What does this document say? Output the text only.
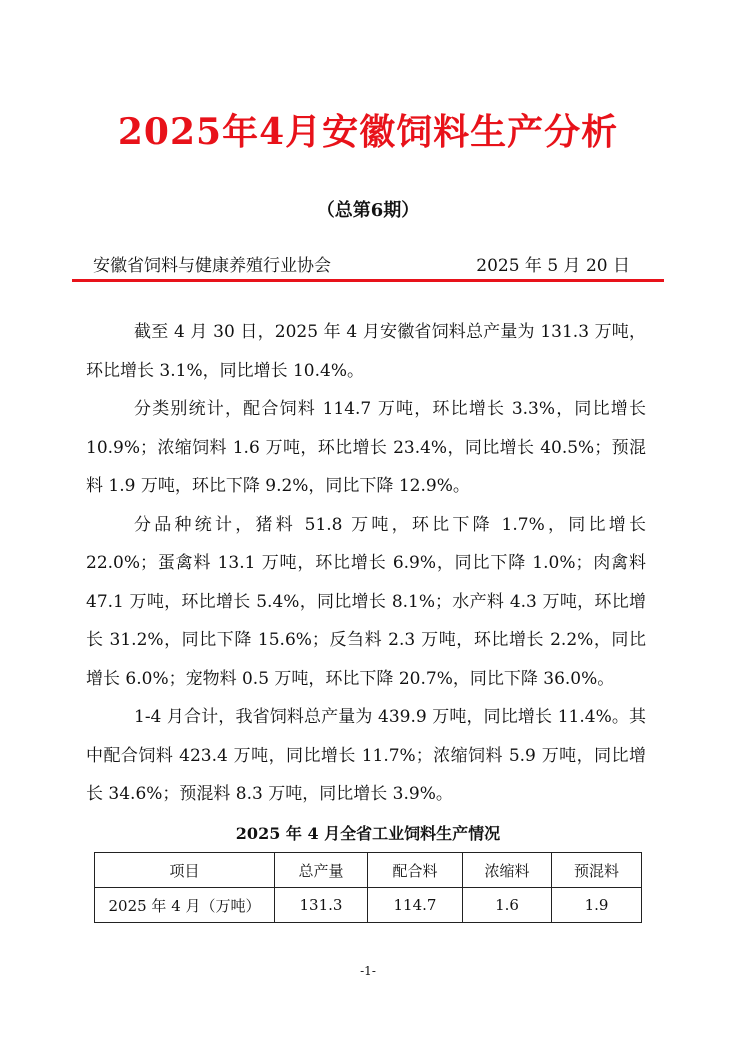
2025年4月安徽饲料生产分析
（总第6期）
安徽省饲料与健康养殖行业协会	2025 年 5 月 20 日

截至 4 月 30 日，2025 年 4 月安徽省饲料总产量为 131.3 万吨，环比增长 3.1%，同比增长 10.4%。

分类别统计，配合饲料 114.7 万吨，环比增长 3.3%，同比增长 10.9%；浓缩饲料 1.6 万吨，环比增长 23.4%，同比增长 40.5%；预混料 1.9 万吨，环比下降 9.2%，同比下降 12.9%。

分品种统计，猪料 51.8 万吨，环比下降 1.7%，同比增长 22.0%；蛋禽料 13.1 万吨，环比增长 6.9%，同比下降 1.0%；肉禽料 47.1 万吨，环比增长 5.4%，同比增长 8.1%；水产料 4.3 万吨，环比增长 31.2%，同比下降 15.6%；反刍料 2.3 万吨，环比增长 2.2%，同比增长 6.0%；宠物料 0.5 万吨，环比下降 20.7%，同比下降 36.0%。

1-4 月合计，我省饲料总产量为 439.9 万吨，同比增长 11.4%。其中配合饲料 423.4 万吨，同比增长 11.7%；浓缩饲料 5.9 万吨，同比增长 34.6%；预混料 8.3 万吨，同比增长 3.9%。

2025 年 4 月全省工业饲料生产情况
项目	总产量	配合料	浓缩料	预混料
2025 年 4 月（万吨）	131.3	114.7	1.6	1.9
-1-
